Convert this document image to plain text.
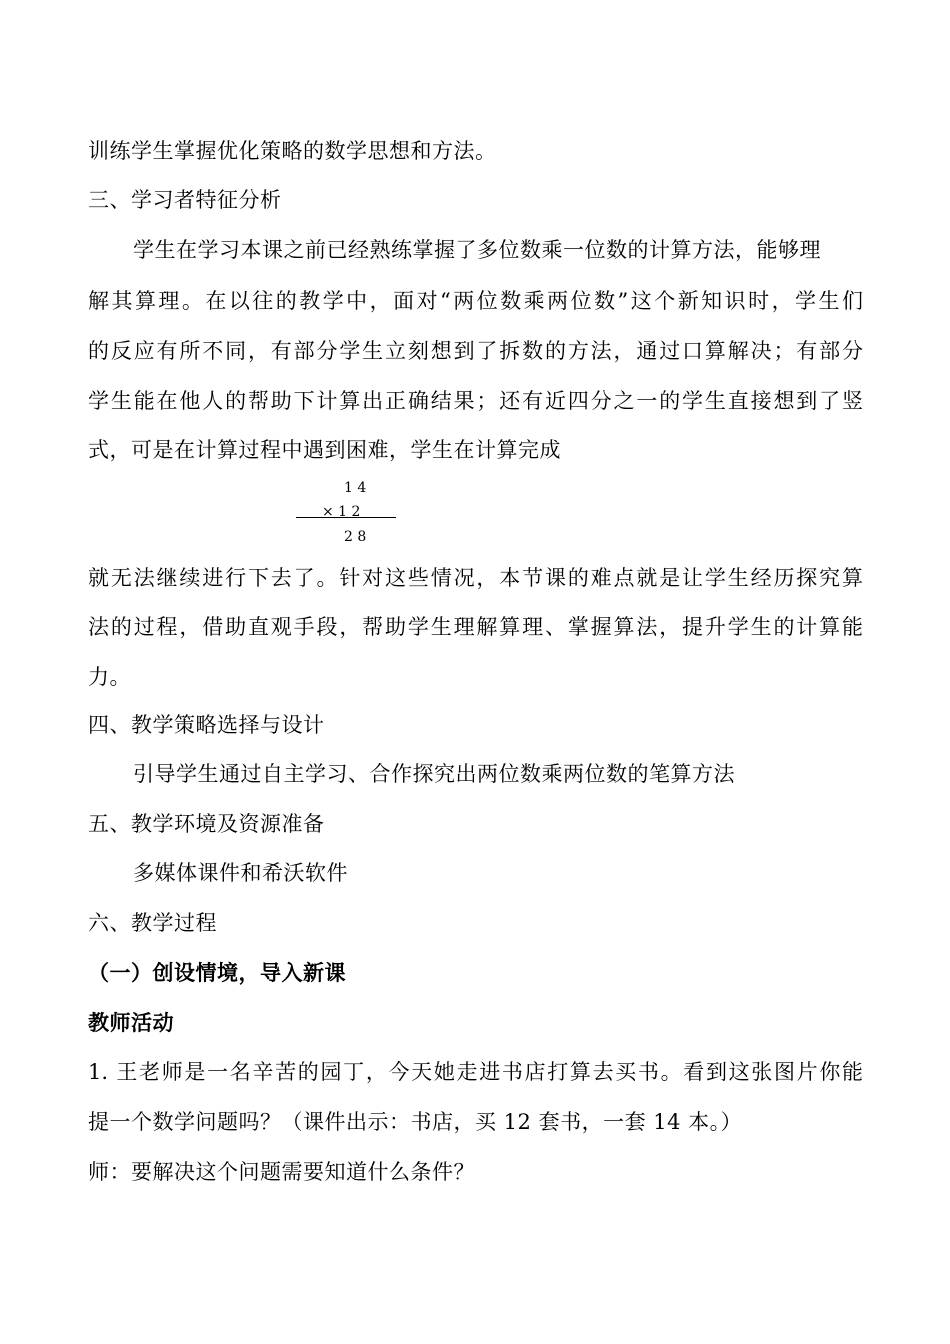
训练学生掌握优化策略的数学思想和方法。
三、学习者特征分析
学生在学习本课之前已经熟练掌握了多位数乘一位数的计算方法，能够理
解其算理。在以往的教学中，面对“两位数乘两位数”这个新知识时，学生们
的反应有所不同，有部分学生立刻想到了拆数的方法，通过口算解决；有部分
学生能在他人的帮助下计算出正确结果；还有近四分之一的学生直接想到了竖
式，可是在计算过程中遇到困难，学生在计算完成
1 4
× 1 2
2 8
就无法继续进行下去了。针对这些情况，本节课的难点就是让学生经历探究算
法的过程，借助直观手段，帮助学生理解算理、掌握算法，提升学生的计算能
力。
四、教学策略选择与设计
引导学生通过自主学习、合作探究出两位数乘两位数的笔算方法
五、教学环境及资源准备
多媒体课件和希沃软件
六、教学过程
（一）创设情境，导入新课
教师活动
1. 王老师是一名辛苦的园丁，今天她走进书店打算去买书。看到这张图片你能
提一个数学问题吗？（课件出示：书店，买 12 套书，一套 14 本。）
师：要解决这个问题需要知道什么条件？
